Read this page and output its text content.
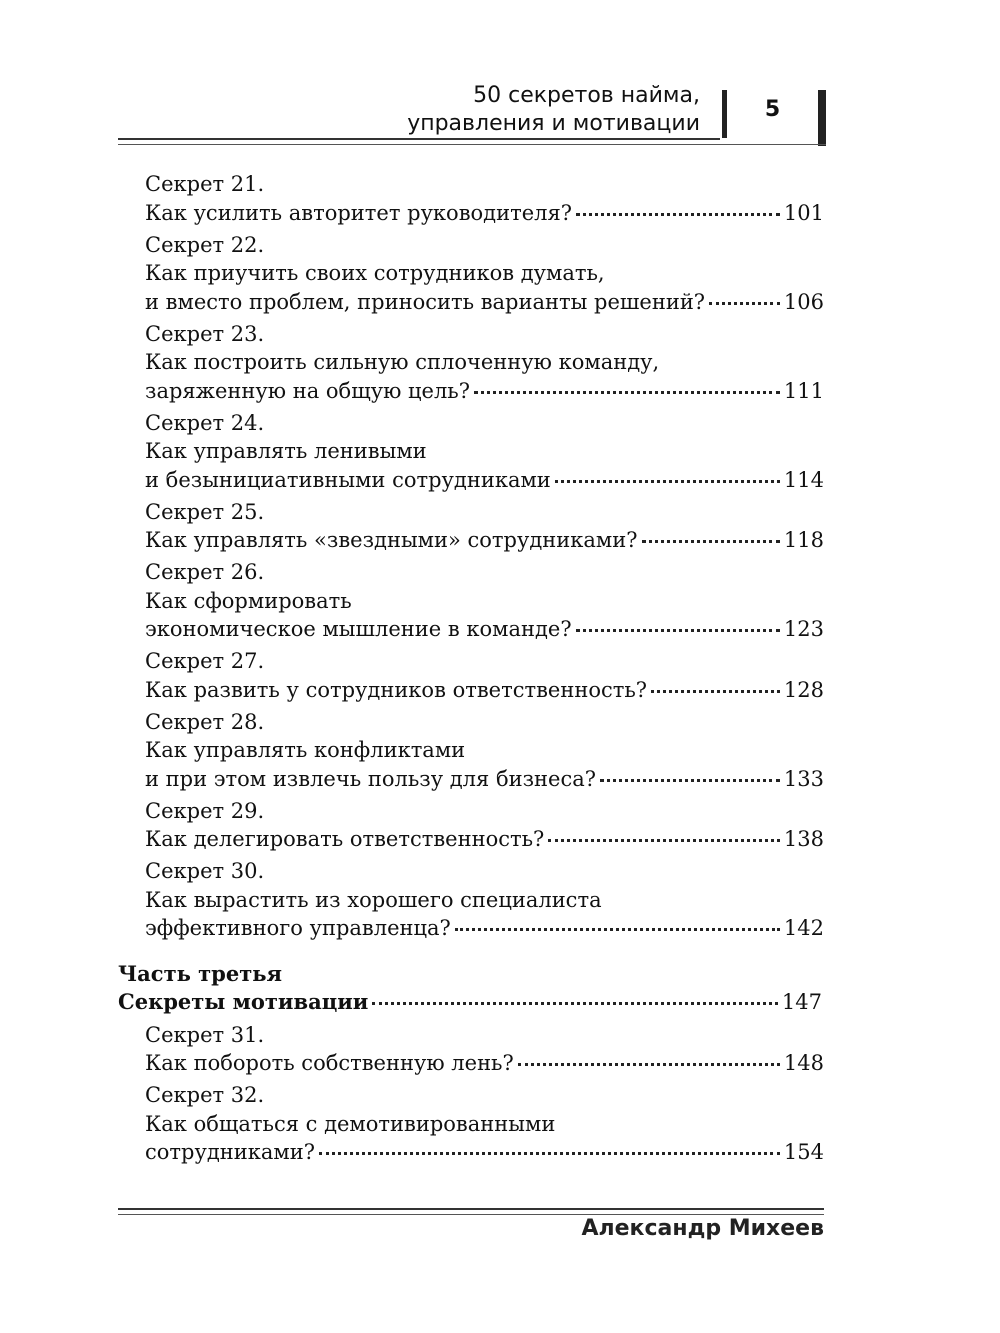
50 секретов найма,
управления и мотивации
5
Секрет 21.
Как усилить авторитет руководителя?	101
Секрет 22.
Как приучить своих сотрудников думать,
и вместо проблем, приносить варианты решений?	106
Секрет 23.
Как построить сильную сплоченную команду,
заряженную на общую цель?	111
Секрет 24.
Как управлять ленивыми
и безынициативными сотрудниками	114
Секрет 25.
Как управлять «звездными» сотрудниками?	118
Секрет 26.
Как сформировать
экономическое мышление в команде?	123
Секрет 27.
Как развить у сотрудников ответственность?	128
Секрет 28.
Как управлять конфликтами
и при этом извлечь пользу для бизнеса?	133
Секрет 29.
Как делегировать ответственность?	138
Секрет 30.
Как вырастить из хорошего специалиста
эффективного управленца?	142
Часть третья
Секреты мотивации	147
Секрет 31.
Как побороть собственную лень?	148
Секрет 32.
Как общаться с демотивированными
сотрудниками?	154
Александр Михеев
